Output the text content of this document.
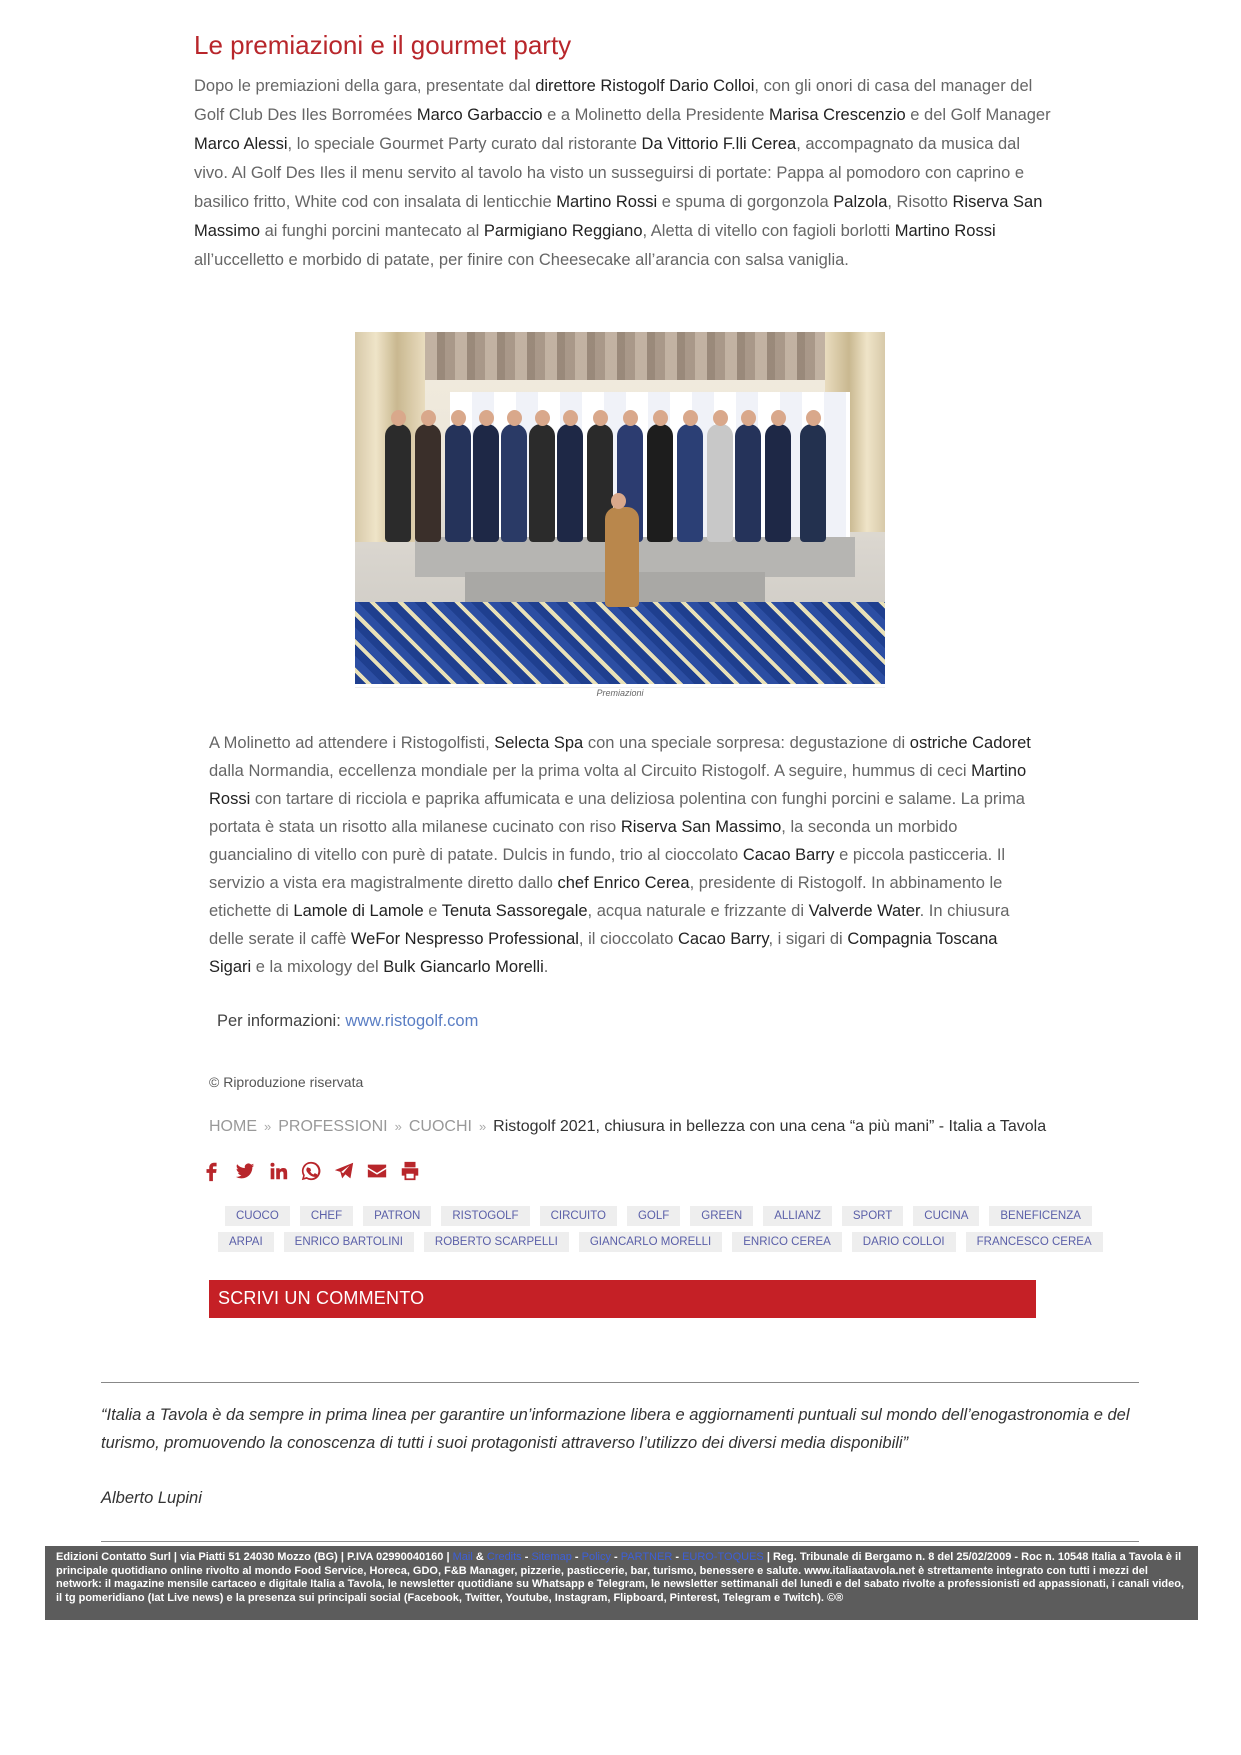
Le premiazioni e il gourmet party

Dopo le premiazioni della gara, presentate dal direttore Ristogolf Dario Colloi, con gli onori di casa del manager del Golf Club Des Iles Borromées Marco Garbaccio e a Molinetto della Presidente Marisa Crescenzio e del Golf Manager Marco Alessi, lo speciale Gourmet Party curato dal ristorante Da Vittorio F.lli Cerea, accompagnato da musica dal vivo. Al Golf Des Iles il menu servito al tavolo ha visto un susseguirsi di portate: Pappa al pomodoro con caprino e basilico fritto, White cod con insalata di lenticchie Martino Rossi e spuma di gorgonzola Palzola, Risotto Riserva San Massimo ai funghi porcini mantecato al Parmigiano Reggiano, Aletta di vitello con fagioli borlotti Martino Rossi all’uccelletto e morbido di patate, per finire con Cheesecake all’arancia con salsa vaniglia.

Premiazioni

A Molinetto ad attendere i Ristogolfisti, Selecta Spa con una speciale sorpresa: degustazione di ostriche Cadoret dalla Normandia, eccellenza mondiale per la prima volta al Circuito Ristogolf. A seguire, hummus di ceci Martino Rossi con tartare di ricciola e paprika affumicata e una deliziosa polentina con funghi porcini e salame. La prima portata è stata un risotto alla milanese cucinato con riso Riserva San Massimo, la seconda un morbido guancialino di vitello con purè di patate. Dulcis in fundo, trio al cioccolato Cacao Barry e piccola pasticceria. Il servizio a vista era magistralmente diretto dallo chef Enrico Cerea, presidente di Ristogolf. In abbinamento le etichette di Lamole di Lamole e Tenuta Sassoregale, acqua naturale e frizzante di Valverde Water. In chiusura delle serate il caffè WeFor Nespresso Professional, il cioccolato Cacao Barry, i sigari di Compagnia Toscana Sigari e la mixology del Bulk Giancarlo Morelli.

Per informazioni: www.ristogolf.com
© Riproduzione riservata
HOME » PROFESSIONI » CUOCHI » Ristogolf 2021, chiusura in bellezza con una cena “a più mani” - Italia a Tavola
CUOCO	CHEF	PATRON	RISTOGOLF	CIRCUITO	GOLF	GREEN	ALLIANZ	SPORT	CUCINA	BENEFICENZA
ARPAI	ENRICO BARTOLINI	ROBERTO SCARPELLI	GIANCARLO MORELLI	ENRICO CEREA	DARIO COLLOI	FRANCESCO CEREA
SCRIVI UN COMMENTO

“Italia a Tavola è da sempre in prima linea per garantire un’informazione libera e aggiornamenti puntuali sul mondo dell’enogastronomia e del turismo, promuovendo la conoscenza di tutti i suoi protagonisti attraverso l’utilizzo dei diversi media disponibili”

Alberto Lupini

Edizioni Contatto Surl | via Piatti 51 24030 Mozzo (BG) | P.IVA 02990040160 | Mail & Credits - Sitemap - Policy - PARTNER - EURO-TOQUES | Reg. Tribunale di Bergamo n. 8 del 25/02/2009 - Roc n. 10548 Italia a Tavola è il principale quotidiano online rivolto al mondo Food Service, Horeca, GDO, F&B Manager, pizzerie, pasticcerie, bar, turismo, benessere e salute. www.italiaatavola.net è strettamente integrato con tutti i mezzi del network: il magazine mensile cartaceo e digitale Italia a Tavola, le newsletter quotidiane su Whatsapp e Telegram, le newsletter settimanali del lunedì e del sabato rivolte a professionisti ed appassionati, i canali video, il tg pomeridiano (Iat Live news) e la presenza sui principali social (Facebook, Twitter, Youtube, Instagram, Flipboard, Pinterest, Telegram e Twitch). ©®
